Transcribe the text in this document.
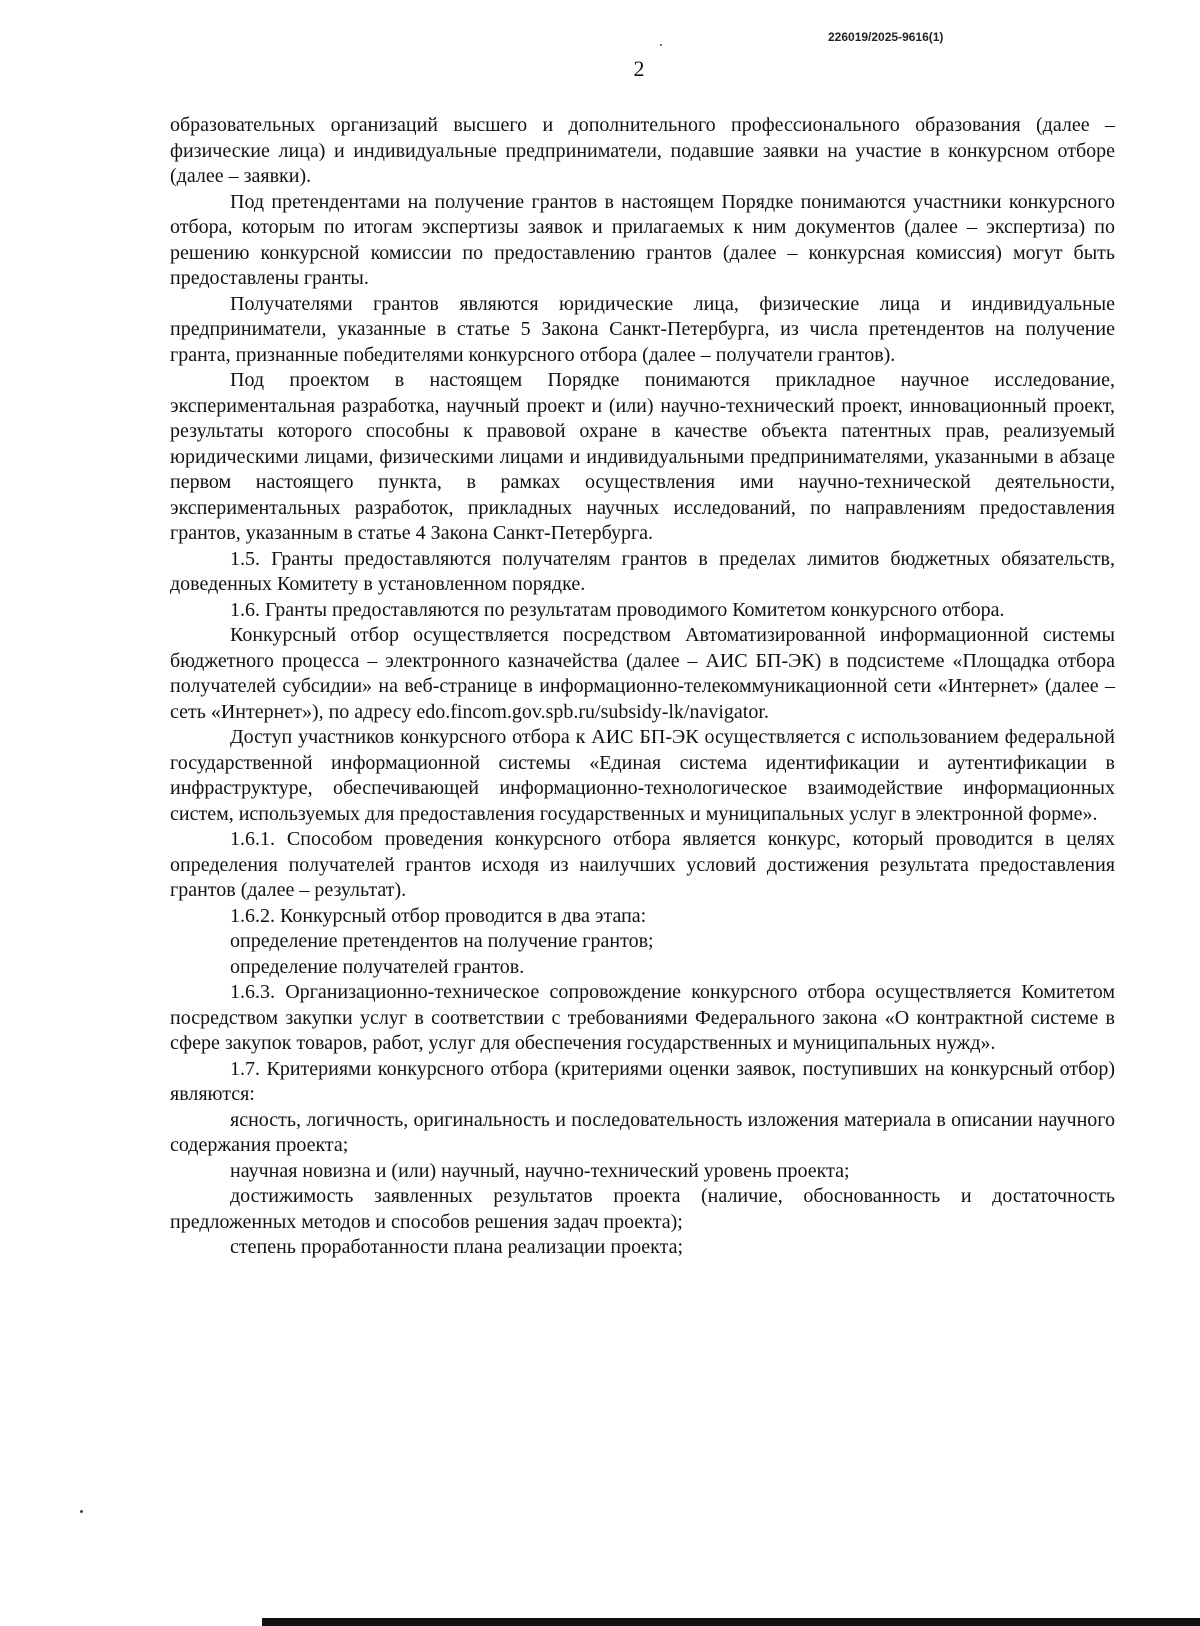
226019/2025-9616(1)
2

образовательных организаций высшего и дополнительного профессионального образования (далее – физические лица) и индивидуальные предприниматели, подавшие заявки на участие в конкурсном отборе (далее – заявки).

Под претендентами на получение грантов в настоящем Порядке понимаются участники конкурсного отбора, которым по итогам экспертизы заявок и прилагаемых к ним документов (далее – экспертиза) по решению конкурсной комиссии по предоставлению грантов (далее – конкурсная комиссия) могут быть предоставлены гранты.

Получателями грантов являются юридические лица, физические лица и индивидуальные предприниматели, указанные в статье 5 Закона Санкт-Петербурга, из числа претендентов на получение гранта, признанные победителями конкурсного отбора (далее – получатели грантов).

Под проектом в настоящем Порядке понимаются прикладное научное исследование, экспериментальная разработка, научный проект и (или) научно-технический проект, инновационный проект, результаты которого способны к правовой охране в качестве объекта патентных прав, реализуемый юридическими лицами, физическими лицами и индивидуальными предпринимателями, указанными в абзаце первом настоящего пункта, в рамках осуществления ими научно-технической деятельности, экспериментальных разработок, прикладных научных исследований, по направлениям предоставления грантов, указанным в статье 4 Закона Санкт-Петербурга.

1.5. Гранты предоставляются получателям грантов в пределах лимитов бюджетных обязательств, доведенных Комитету в установленном порядке.

1.6. Гранты предоставляются по результатам проводимого Комитетом конкурсного отбора.

Конкурсный отбор осуществляется посредством Автоматизированной информационной системы бюджетного процесса – электронного казначейства (далее – АИС БП-ЭК) в подсистеме «Площадка отбора получателей субсидии» на веб-странице в информационно-телекоммуникационной сети «Интернет» (далее – сеть «Интернет»), по адресу edo.fincom.gov.spb.ru/subsidy-lk/navigator.

Доступ участников конкурсного отбора к АИС БП-ЭК осуществляется с использованием федеральной государственной информационной системы «Единая система идентификации и аутентификации в инфраструктуре, обеспечивающей информационно-технологическое взаимодействие информационных систем, используемых для предоставления государственных и муниципальных услуг в электронной форме».

1.6.1. Способом проведения конкурсного отбора является конкурс, который проводится в целях определения получателей грантов исходя из наилучших условий достижения результата предоставления грантов (далее – результат).

1.6.2. Конкурсный отбор проводится в два этапа:

определение претендентов на получение грантов;

определение получателей грантов.

1.6.3. Организационно-техническое сопровождение конкурсного отбора осуществляется Комитетом посредством закупки услуг в соответствии с требованиями Федерального закона «О контрактной системе в сфере закупок товаров, работ, услуг для обеспечения государственных и муниципальных нужд».

1.7. Критериями конкурсного отбора (критериями оценки заявок, поступивших на конкурсный отбор) являются:

ясность, логичность, оригинальность и последовательность изложения материала в описании научного содержания проекта;

научная новизна и (или) научный, научно-технический уровень проекта;

достижимость заявленных результатов проекта (наличие, обоснованность и достаточность предложенных методов и способов решения задач проекта);

степень проработанности плана реализации проекта;
